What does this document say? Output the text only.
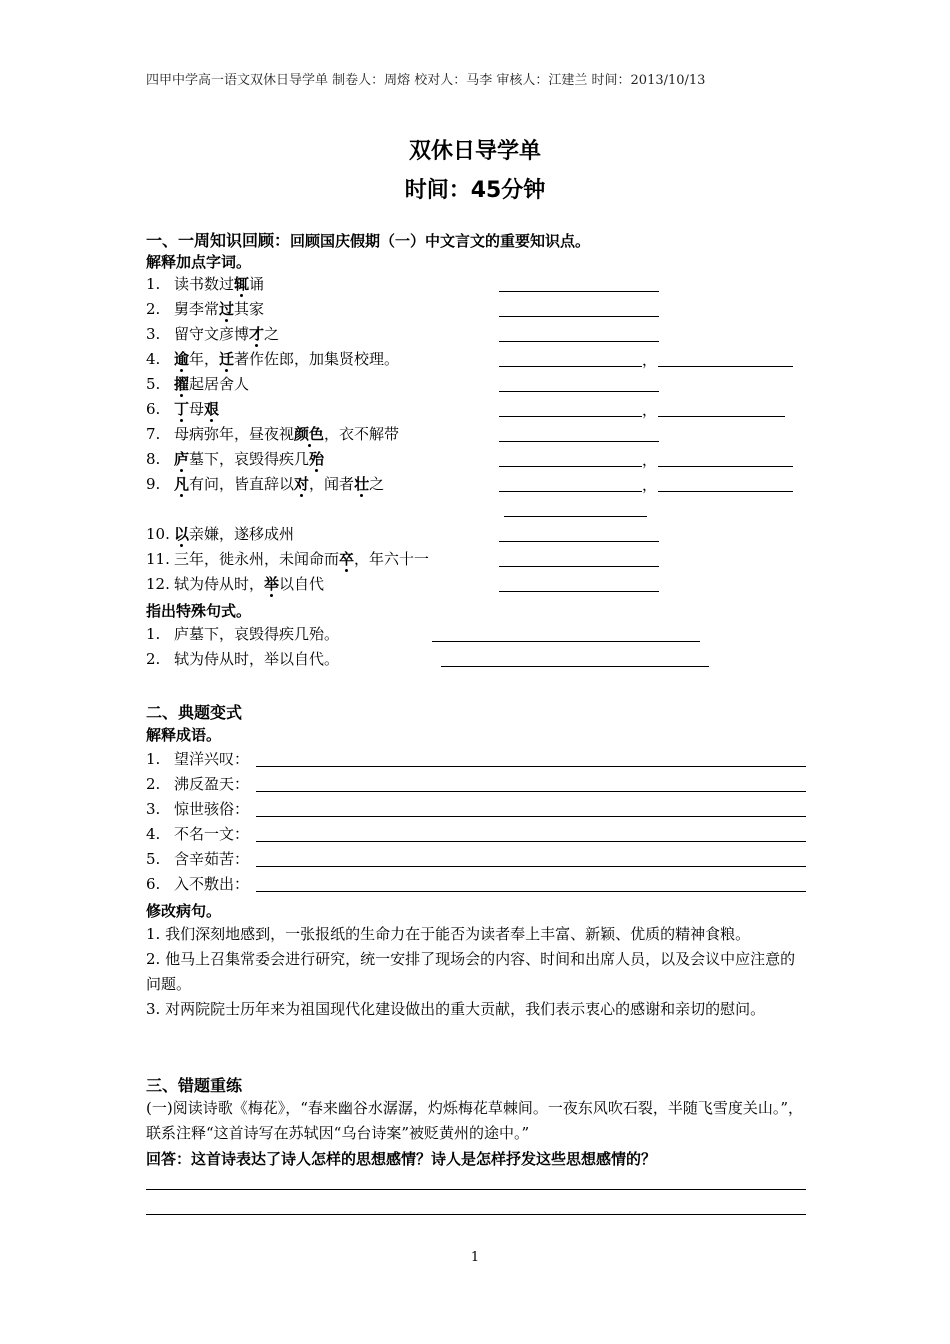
四甲中学高一语文双休日导学单 制卷人：周熔 校对人：马李 审核人：江建兰 时间：2013/10/13
双休日导学单
时间：45分钟
一、一周知识回顾：回顾国庆假期（一）中文言文的重要知识点。
解释加点字词。
1. 读书数过辄诵
2. 舅李常过其家
3. 留守文彦博才之
4. 逾年，迁著作佐郎，加集贤校理。	，
5. 擢起居舍人
6. 丁母艰	，
7. 母病弥年，昼夜视颜色，衣不解带
8. 庐墓下，哀毁得疾几殆	，
9. 凡有问，皆直辞以对，闻者壮之	，
10. 以亲嫌，遂移成州
11. 三年，徙永州，未闻命而卒，年六十一
12. 轼为侍从时，举以自代
指出特殊句式。
1. 庐墓下，哀毁得疾几殆。
2. 轼为侍从时，举以自代。
二、典题变式
解释成语。
1. 望洋兴叹：
2. 沸反盈天：
3. 惊世骇俗：
4. 不名一文：
5. 含辛茹苦：
6. 入不敷出：
修改病句。
1. 我们深刻地感到，一张报纸的生命力在于能否为读者奉上丰富、新颖、优质的精神食粮。
2. 他马上召集常委会进行研究，统一安排了现场会的内容、时间和出席人员，以及会议中应注意的问题。
3. 对两院院士历年来为祖国现代化建设做出的重大贡献，我们表示衷心的感谢和亲切的慰问。
三、错题重练
(一)阅读诗歌《梅花》，“春来幽谷水潺潺，灼烁梅花草棘间。一夜东风吹石裂，半随飞雪度关山。”，联系注释“这首诗写在苏轼因“乌台诗案”被贬黄州的途中。”
回答：这首诗表达了诗人怎样的思想感情？诗人是怎样抒发这些思想感情的？
1
